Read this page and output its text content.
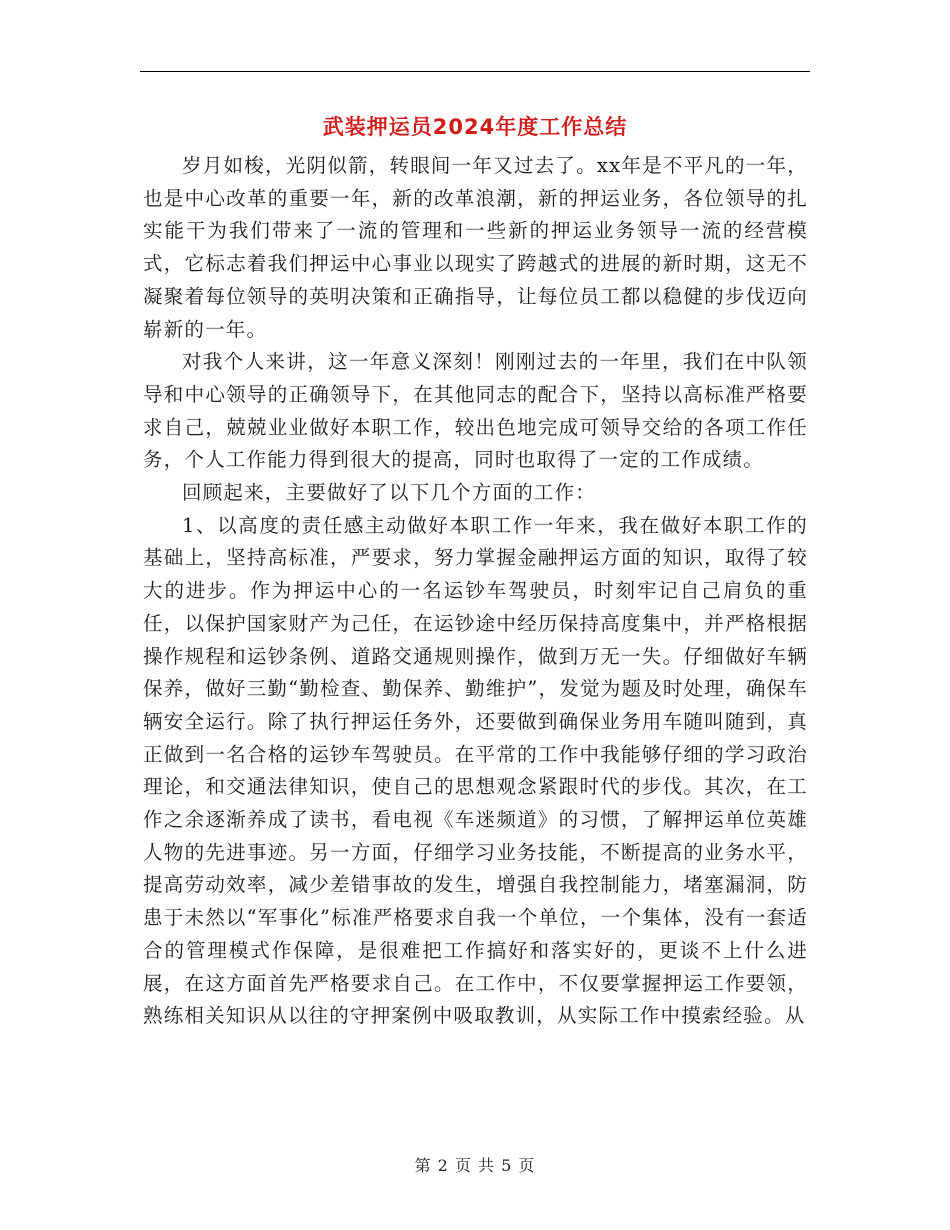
武装押运员2024年度工作总结

岁月如梭，光阴似箭，转眼间一年又过去了。xx年是不平凡的一年，也是中心改革的重要一年，新的改革浪潮，新的押运业务，各位领导的扎实能干为我们带来了一流的管理和一些新的押运业务领导一流的经营模式，它标志着我们押运中心事业以现实了跨越式的进展的新时期，这无不凝聚着每位领导的英明决策和正确指导，让每位员工都以稳健的步伐迈向崭新的一年。

对我个人来讲，这一年意义深刻！刚刚过去的一年里，我们在中队领导和中心领导的正确领导下，在其他同志的配合下，坚持以高标准严格要求自己，兢兢业业做好本职工作，较出色地完成可领导交给的各项工作任务，个人工作能力得到很大的提高，同时也取得了一定的工作成绩。

回顾起来，主要做好了以下几个方面的工作：

1、以高度的责任感主动做好本职工作一年来，我在做好本职工作的基础上，坚持高标准，严要求，努力掌握金融押运方面的知识，取得了较大的进步。作为押运中心的一名运钞车驾驶员，时刻牢记自己肩负的重任，以保护国家财产为己任，在运钞途中经历保持高度集中，并严格根据操作规程和运钞条例、道路交通规则操作，做到万无一失。仔细做好车辆保养，做好三勤“勤检查、勤保养、勤维护”，发觉为题及时处理，确保车辆安全运行。除了执行押运任务外，还要做到确保业务用车随叫随到，真正做到一名合格的运钞车驾驶员。在平常的工作中我能够仔细的学习政治理论，和交通法律知识，使自己的思想观念紧跟时代的步伐。其次，在工作之余逐渐养成了读书，看电视《车迷频道》的习惯，了解押运单位英雄人物的先进事迹。另一方面，仔细学习业务技能，不断提高的业务水平，提高劳动效率，减少差错事故的发生，增强自我控制能力，堵塞漏洞，防患于未然以“军事化”标准严格要求自我一个单位，一个集体，没有一套适合的管理模式作保障，是很难把工作搞好和落实好的，更谈不上什么进展，在这方面首先严格要求自己。在工作中，不仅要掌握押运工作要领，熟练相关知识从以往的守押案例中吸取教训，从实际工作中摸索经验。从

第 2 页 共 5 页
